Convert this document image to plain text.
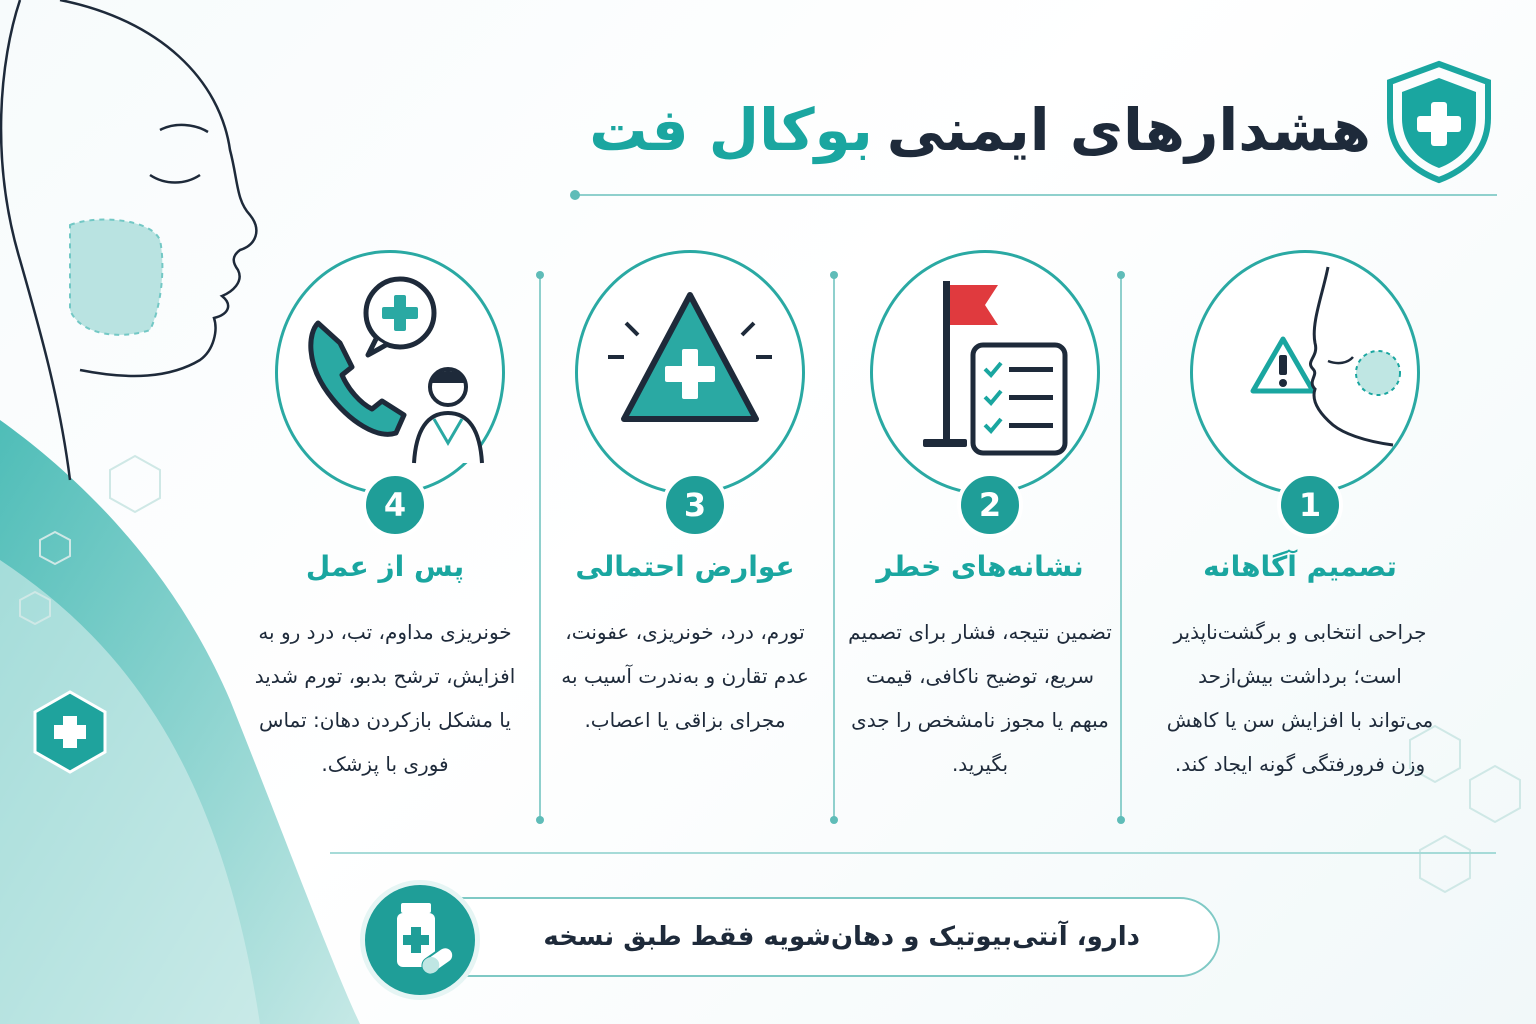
هشدارهای ایمنی
بوکال فت
1
تصمیم آگاهانه
جراحی انتخابی و برگشت‌ناپذیر است؛ برداشت بیش‌ازحد می‌تواند با افزایش سن یا کاهش وزن فرورفتگی گونه ایجاد کند.
2
نشانه‌های خطر
تضمین نتیجه، فشار برای تصمیم سریع، توضیح ناکافی، قیمت مبهم یا مجوز نامشخص را جدی بگیرید.
3
عوارض احتمالی
تورم، درد، خونریزی، عفونت، عدم تقارن و به‌ندرت آسیب به مجرای بزاقی یا اعصاب.
4
پس از عمل
خونریزی مداوم، تب، درد رو به افزایش، ترشح بدبو، تورم شدید یا مشکل بازکردن دهان: تماس فوری با پزشک.
دارو، آنتی‌بیوتیک و دهان‌شویه فقط طبق نسخه
